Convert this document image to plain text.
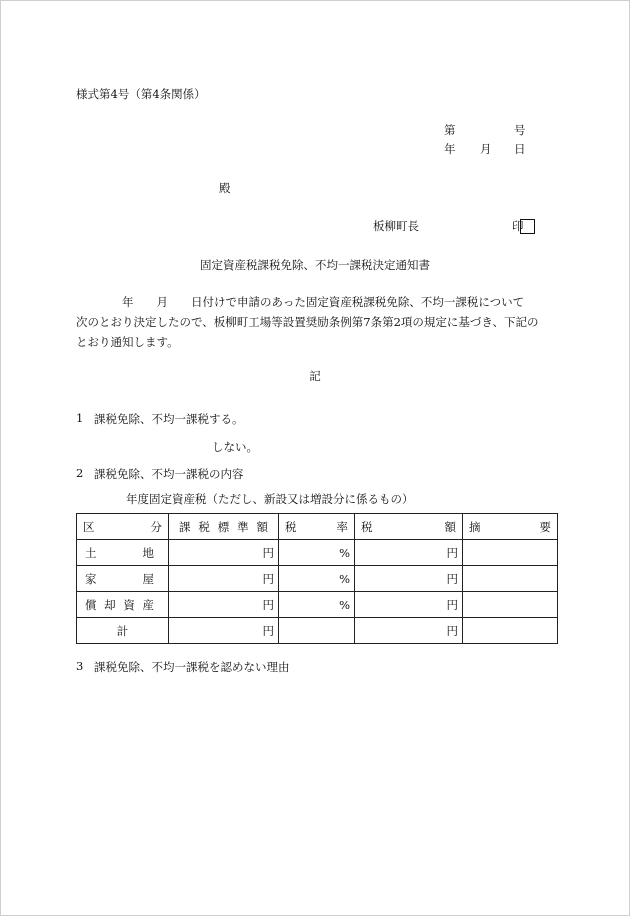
様式第4号（第4条関係）
第	号
年 月 日
殿
板柳町長	印
固定資産税課税免除、不均一課税決定通知書
　　　　年　　月　　日付けで申請のあった固定資産税課税免除、不均一課税について
次のとおり決定したので、板柳町工場等設置奨励条例第7条第2項の規定に基づき、下記の
とおり通知します。
記
1 課税免除、不均一課税する。
しない。
2 課税免除、不均一課税の内容
年度固定資産税（ただし、新設又は増設分に係るもの）
区 分	課 税 標 準 額	税 率	税 額	摘 要

土 地	円	%	円	

家 屋	円	%	円	

償 却 資 産	円	%	円	
計	円		円	
3 課税免除、不均一課税を認めない理由
